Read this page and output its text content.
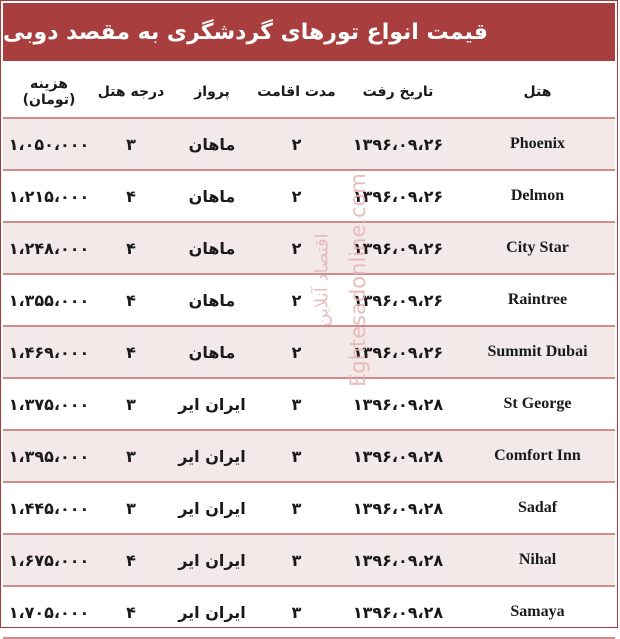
قیمت انواع تورهای گردشگری به مقصد دوبی
هتل	تاریخ رفت	مدت اقامت	پرواز	درجه هتل	هزینه (تومان)
Phoenix	۱۳۹۶،۰۹،۲۶	۲	ماهان	۳	۱،۰۵۰،۰۰۰
Delmon	۱۳۹۶،۰۹،۲۶	۲	ماهان	۴	۱،۲۱۵،۰۰۰
City Star	۱۳۹۶،۰۹،۲۶	۲	ماهان	۴	۱،۲۴۸،۰۰۰
Raintree	۱۳۹۶،۰۹،۲۶	۲	ماهان	۴	۱،۳۵۵،۰۰۰
Summit Dubai	۱۳۹۶،۰۹،۲۶	۲	ماهان	۴	۱،۴۶۹،۰۰۰
St George	۱۳۹۶،۰۹،۲۸	۳	ایران ایر	۳	۱،۳۷۵،۰۰۰
Comfort Inn	۱۳۹۶،۰۹،۲۸	۳	ایران ایر	۳	۱،۳۹۵،۰۰۰
Sadaf	۱۳۹۶،۰۹،۲۸	۳	ایران ایر	۳	۱،۴۴۵،۰۰۰
Nihal	۱۳۹۶،۰۹،۲۸	۳	ایران ایر	۴	۱،۶۷۵،۰۰۰
Samaya	۱۳۹۶،۰۹،۲۸	۳	ایران ایر	۴	۱،۷۰۵،۰۰۰
Eghtesadonline.com
اقتصاد آنلاین
